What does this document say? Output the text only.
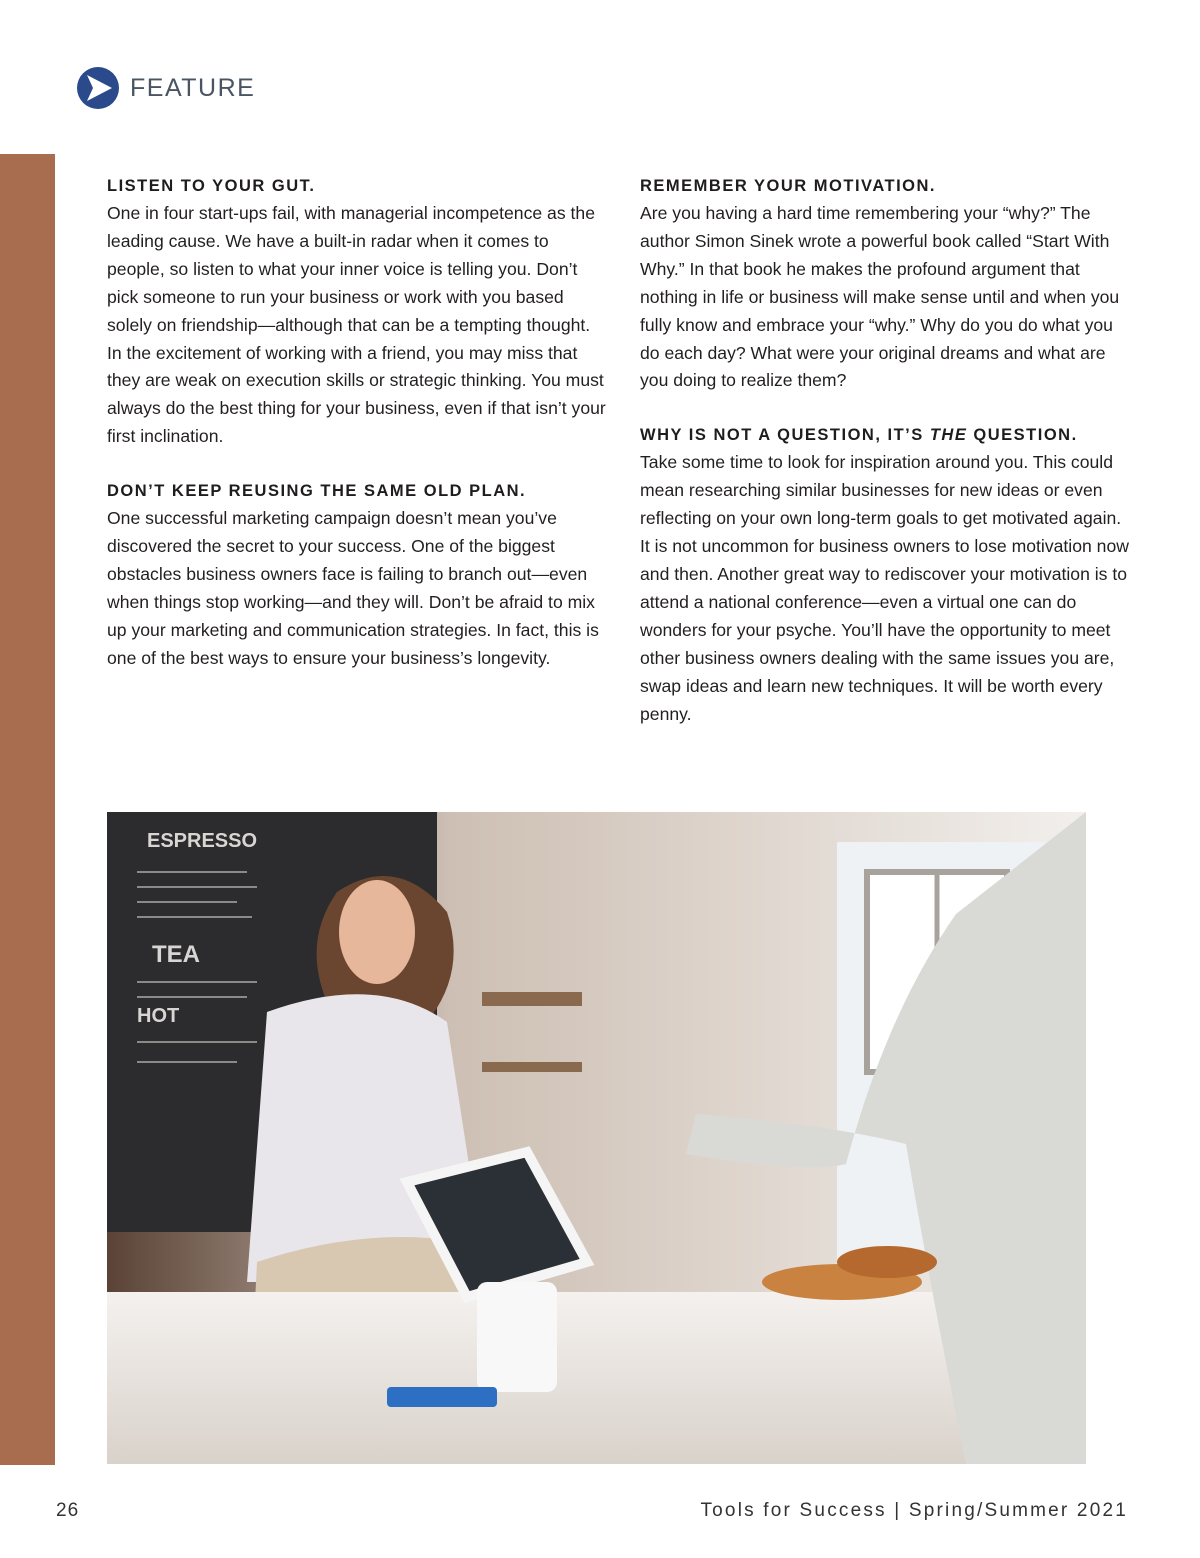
FEATURE
LISTEN TO YOUR GUT.

One in four start-ups fail, with managerial incompetence as the leading cause. We have a built-in radar when it comes to people, so listen to what your inner voice is telling you. Don’t pick someone to run your business or work with you based solely on friendship—although that can be a tempting thought. In the excitement of working with a friend, you may miss that they are weak on execution skills or strategic thinking. You must always do the best thing for your business, even if that isn’t your first inclination.

DON’T KEEP REUSING THE SAME OLD PLAN.

One successful marketing campaign doesn’t mean you’ve discovered the secret to your success. One of the biggest obstacles business owners face is failing to branch out—even when things stop working—and they will. Don’t be afraid to mix up your marketing and communication strategies. In fact, this is one of the best ways to ensure your business’s longevity.

REMEMBER YOUR MOTIVATION.

Are you having a hard time remembering your “why?” The author Simon Sinek wrote a powerful book called “Start With Why.” In that book he makes the profound argument that nothing in life or business will make sense until and when you fully know and embrace your “why.” Why do you do what you do each day? What were your original dreams and what are you doing to realize them?

WHY IS NOT A QUESTION, IT’S THE QUESTION.

Take some time to look for inspiration around you. This could mean researching similar businesses for new ideas or even reflecting on your own long-term goals to get motivated again. It is not uncommon for business owners to lose motivation now and then. Another great way to rediscover your motivation is to attend a national conference—even a virtual one can do wonders for your psyche. You’ll have the opportunity to meet other business owners dealing with the same issues you are, swap ideas and learn new techniques. It will be worth every penny.

ESPRESSO
TEA
HOT
26	Tools for Success | Spring/Summer 2021
